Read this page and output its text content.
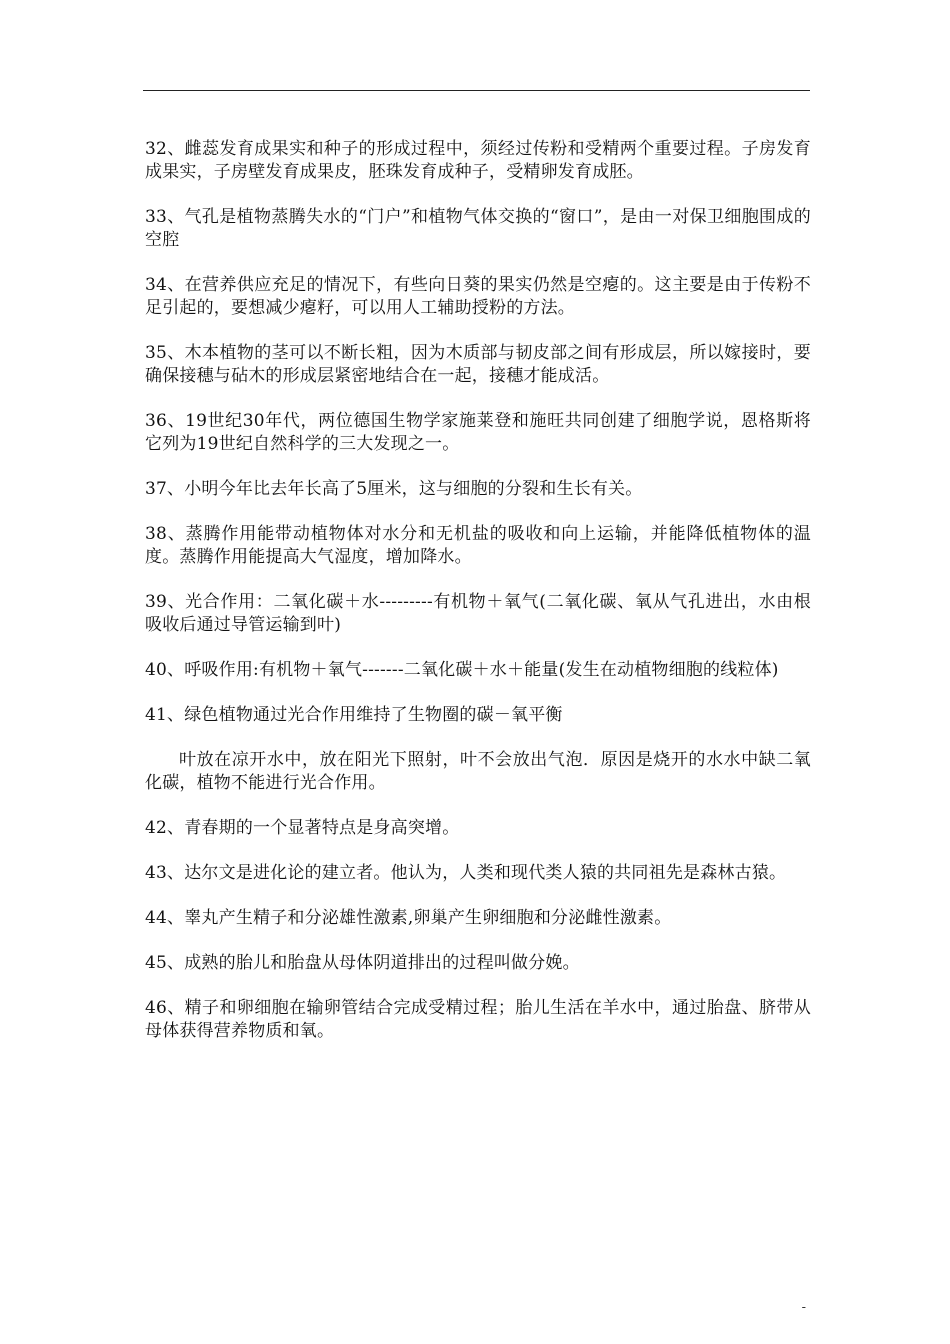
32、雌蕊发育成果实和种子的形成过程中，须经过传粉和受精两个重要过程。子房发育成果实，子房壁发育成果皮，胚珠发育成种子，受精卵发育成胚。

33、气孔是植物蒸腾失水的“门户”和植物气体交换的“窗口”，是由一对保卫细胞围成的空腔

34、在营养供应充足的情况下，有些向日葵的果实仍然是空瘪的。这主要是由于传粉不足引起的，要想减少瘪籽，可以用人工辅助授粉的方法。

35、木本植物的茎可以不断长粗，因为木质部与韧皮部之间有形成层，所以嫁接时，要确保接穗与砧木的形成层紧密地结合在一起，接穗才能成活。

36、19世纪30年代，两位德国生物学家施莱登和施旺共同创建了细胞学说，恩格斯将它列为19世纪自然科学的三大发现之一。

37、小明今年比去年长高了5厘米，这与细胞的分裂和生长有关。

38、蒸腾作用能带动植物体对水分和无机盐的吸收和向上运输，并能降低植物体的温度。蒸腾作用能提高大气湿度，增加降水。

39、光合作用：二氧化碳＋水---------有机物＋氧气(二氧化碳、氧从气孔进出，水由根吸收后通过导管运输到叶)

40、呼吸作用:有机物＋氧气-------二氧化碳＋水＋能量(发生在动植物细胞的线粒体)

41、绿色植物通过光合作用维持了生物圈的碳－氧平衡

叶放在凉开水中，放在阳光下照射，叶不会放出气泡．原因是烧开的水水中缺二氧化碳，植物不能进行光合作用。

42、青春期的一个显著特点是身高突增。

43、达尔文是进化论的建立者。他认为，人类和现代类人猿的共同祖先是森林古猿。

44、睾丸产生精子和分泌雄性激素,卵巢产生卵细胞和分泌雌性激素。

45、成熟的胎儿和胎盘从母体阴道排出的过程叫做分娩。

46、精子和卵细胞在输卵管结合完成受精过程；胎儿生活在羊水中，通过胎盘、脐带从母体获得营养物质和氧。

-
